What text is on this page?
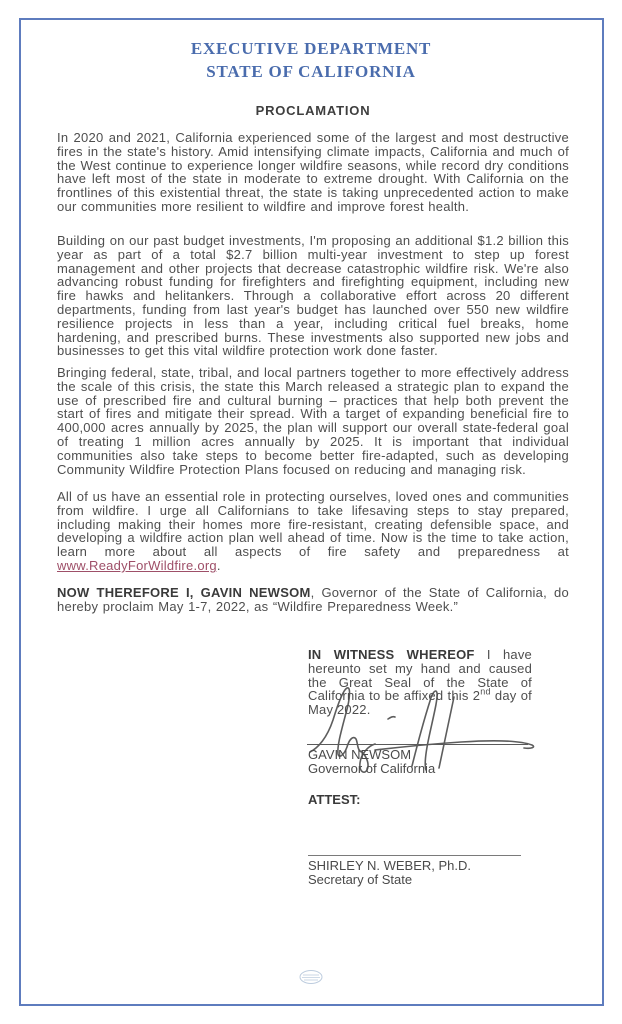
EXECUTIVE DEPARTMENT
STATE OF CALIFORNIA
PROCLAMATION
In 2020 and 2021, California experienced some of the largest and most destructive fires in the state's history. Amid intensifying climate impacts, California and much of the West continue to experience longer wildfire seasons, while record dry conditions have left most of the state in moderate to extreme drought. With California on the frontlines of this existential threat, the state is taking unprecedented action to make our communities more resilient to wildfire and improve forest health.
Building on our past budget investments, I'm proposing an additional $1.2 billion this year as part of a total $2.7 billion multi-year investment to step up forest management and other projects that decrease catastrophic wildfire risk. We're also advancing robust funding for firefighters and firefighting equipment, including new fire hawks and helitankers. Through a collaborative effort across 20 different departments, funding from last year's budget has launched over 550 new wildfire resilience projects in less than a year, including critical fuel breaks, home hardening, and prescribed burns. These investments also supported new jobs and businesses to get this vital wildfire protection work done faster.
Bringing federal, state, tribal, and local partners together to more effectively address the scale of this crisis, the state this March released a strategic plan to expand the use of prescribed fire and cultural burning – practices that help both prevent the start of fires and mitigate their spread. With a target of expanding beneficial fire to 400,000 acres annually by 2025, the plan will support our overall state-federal goal of treating 1 million acres annually by 2025. It is important that individual communities also take steps to become better fire-adapted, such as developing Community Wildfire Protection Plans focused on reducing and managing risk.
All of us have an essential role in protecting ourselves, loved ones and communities from wildfire. I urge all Californians to take lifesaving steps to stay prepared, including making their homes more fire-resistant, creating defensible space, and developing a wildfire action plan well ahead of time. Now is the time to take action, learn more about all aspects of fire safety and preparedness at www.ReadyForWildfire.org.
NOW THEREFORE I, GAVIN NEWSOM, Governor of the State of California, do hereby proclaim May 1-7, 2022, as “Wildfire Preparedness Week.”
IN WITNESS WHEREOF I have hereunto set my hand and caused the Great Seal of the State of California to be affixed this 2nd day of May 2022.
GAVIN NEWSOM
Governor of California
ATTEST:
SHIRLEY N. WEBER, Ph.D.
Secretary of State
